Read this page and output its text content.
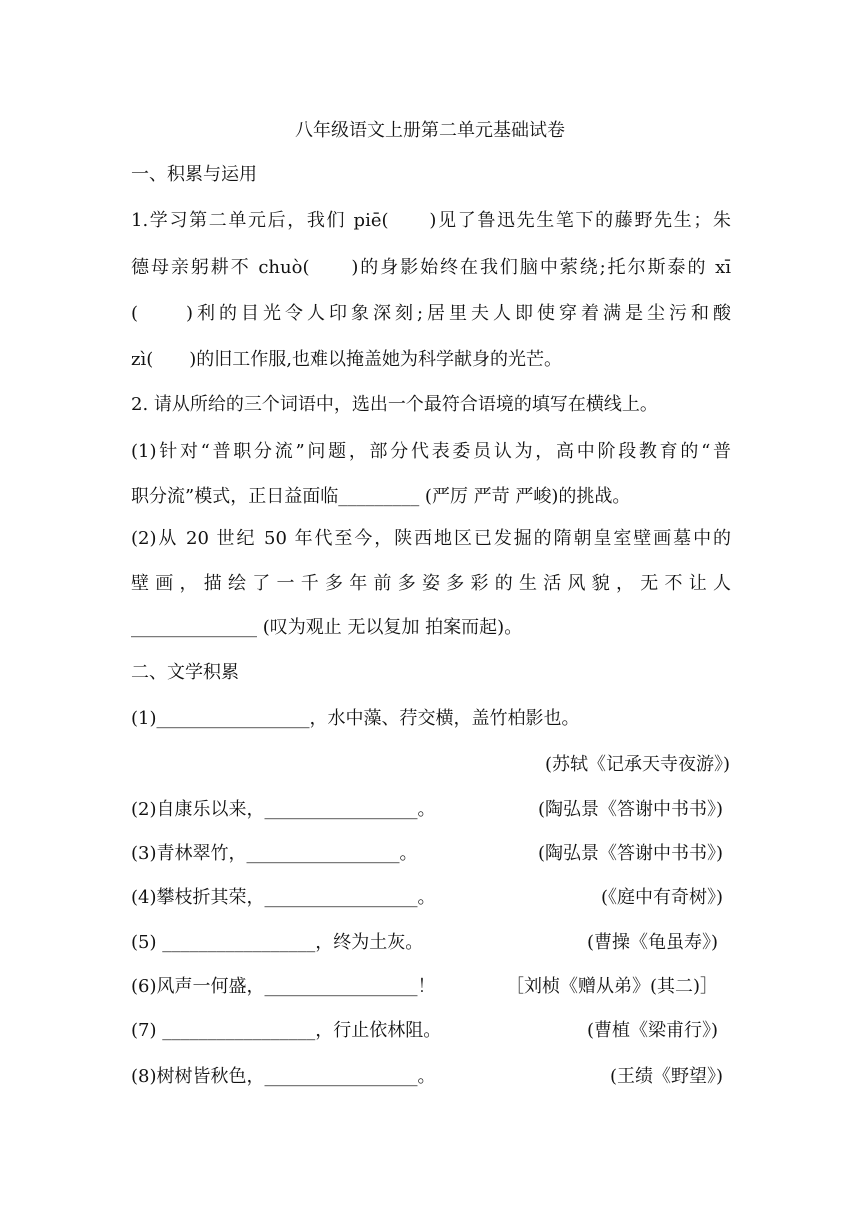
八年级语文上册第二单元基础试卷
一、积累与运用
1.学习第二单元后，我们 piē(　　)见了鲁迅先生笔下的藤野先生；朱
德母亲躬耕不 chuò(　　)的身影始终在我们脑中萦绕;托尔斯泰的 xī
(　　)利的目光令人印象深刻;居里夫人即使穿着满是尘污和酸
zì(　　)的旧工作服,也难以掩盖她为科学献身的光芒。
2. 请从所给的三个词语中，选出一个最符合语境的填写在横线上。
(1)针对“普职分流”问题，部分代表委员认为，高中阶段教育的“普
职分流”模式，正日益面临_________ (严厉 严苛 严峻)的挑战。
(2)从 20 世纪 50 年代至今，陕西地区已发掘的隋朝皇室壁画墓中的
壁画，描绘了一千多年前多姿多彩的生活风貌，无不让人
______________ (叹为观止 无以复加 拍案而起)。
二、文学积累
(1)_________________，水中藻、荇交横，盖竹柏影也。
(苏轼《记承天寺夜游》)
(2)自康乐以来，_________________。	(陶弘景《答谢中书书》)
(3)青林翠竹，_________________。	(陶弘景《答谢中书书》)
(4)攀枝折其荣，_________________。	(《庭中有奇树》)
(5) _________________，终为土灰。	(曹操《龟虽寿》)
(6)风声一何盛，_________________！	［刘桢《赠从弟》(其二)］
(7) _________________，行止依林阻。	(曹植《梁甫行》)
(8)树树皆秋色，_________________。	(王绩《野望》)
